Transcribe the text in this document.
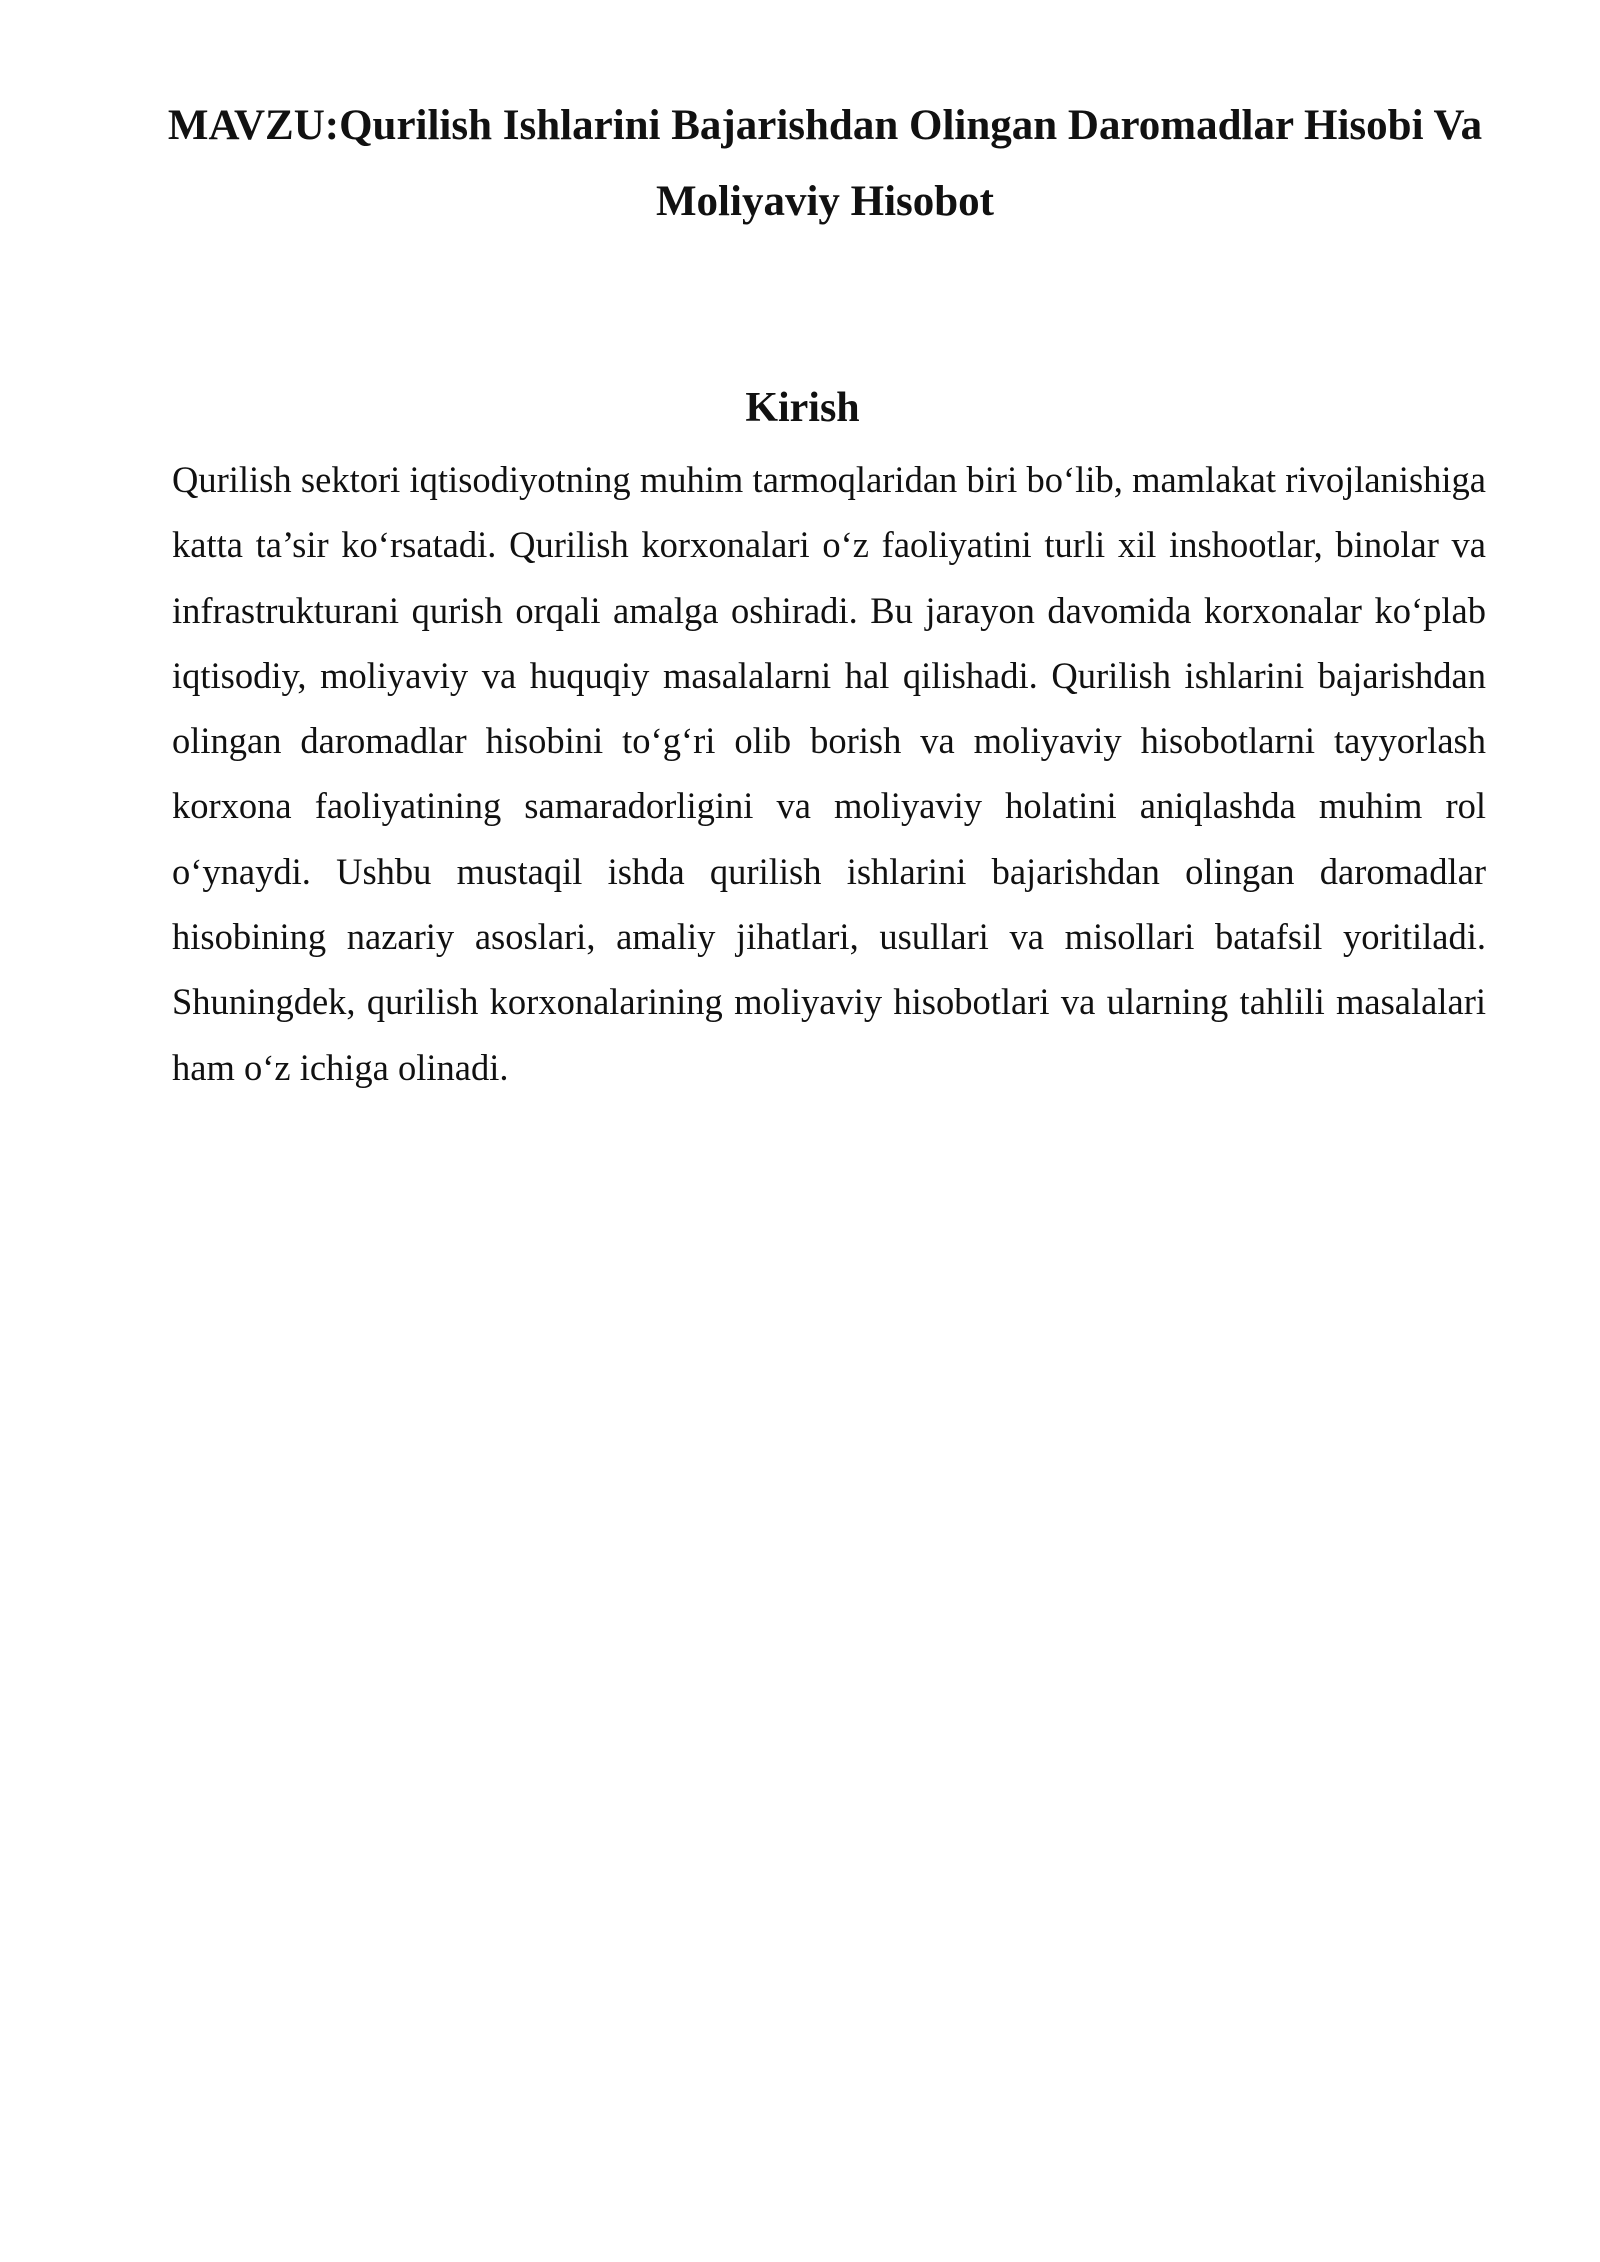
MAVZU:Qurilish Ishlarini Bajarishdan Olingan Daromadlar Hisobi Va Moliyaviy Hisobot
Kirish

Qurilish sektori iqtisodiyotning muhim tarmoqlaridan biri bo‘lib, mamlakat rivojlanishiga katta ta’sir ko‘rsatadi. Qurilish korxonalari o‘z faoliyatini turli xil inshootlar, binolar va infrastrukturani qurish orqali amalga oshiradi. Bu jarayon davomida korxonalar ko‘plab iqtisodiy, moliyaviy va huquqiy masalalarni hal qilishadi. Qurilish ishlarini bajarishdan olingan daromadlar hisobini to‘g‘ri olib borish va moliyaviy hisobotlarni tayyorlash korxona faoliyatining samaradorligini va moliyaviy holatini aniqlashda muhim rol o‘ynaydi. Ushbu mustaqil ishda qurilish ishlarini bajarishdan olingan daromadlar hisobining nazariy asoslari, amaliy jihatlari, usullari va misollari batafsil yoritiladi. Shuningdek, qurilish korxonalarining moliyaviy hisobotlari va ularning tahlili masalalari ham o‘z ichiga olinadi.
